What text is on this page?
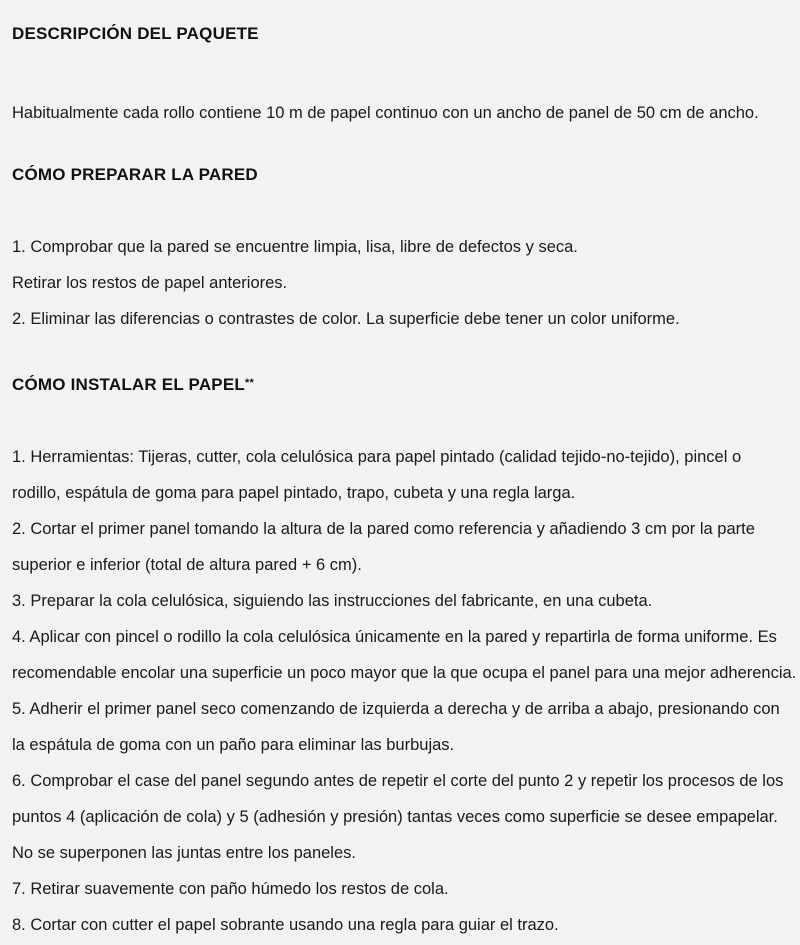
DESCRIPCIÓN DEL PAQUETE

Habitualmente cada rollo contiene 10 m de papel continuo con un ancho de panel de 50 cm de ancho.

CÓMO PREPARAR LA PARED

1. Comprobar que la pared se encuentre limpia, lisa, libre de defectos y seca.

Retirar los restos de papel anteriores.

2. Eliminar las diferencias o contrastes de color. La superficie debe tener un color uniforme.

CÓMO INSTALAR EL PAPEL**

1. Herramientas: Tijeras, cutter, cola celulósica para papel pintado (calidad tejido-no-tejido), pincel o

rodillo, espátula de goma para papel pintado, trapo, cubeta y una regla larga.

2. Cortar el primer panel tomando la altura de la pared como referencia y añadiendo 3 cm por la parte

superior e inferior (total de altura pared + 6 cm).

3. Preparar la cola celulósica, siguiendo las instrucciones del fabricante, en una cubeta.

4. Aplicar con pincel o rodillo la cola celulósica únicamente en la pared y repartirla de forma uniforme. Es

recomendable encolar una superficie un poco mayor que la que ocupa el panel para una mejor adherencia.

5. Adherir el primer panel seco comenzando de izquierda a derecha y de arriba a abajo, presionando con

la espátula de goma con un paño para eliminar las burbujas.

6. Comprobar el case del panel segundo antes de repetir el corte del punto 2 y repetir los procesos de los

puntos 4 (aplicación de cola) y 5 (adhesión y presión) tantas veces como superficie se desee empapelar.

No se superponen las juntas entre los paneles.

7. Retirar suavemente con paño húmedo los restos de cola.

8. Cortar con cutter el papel sobrante usando una regla para guiar el trazo.
